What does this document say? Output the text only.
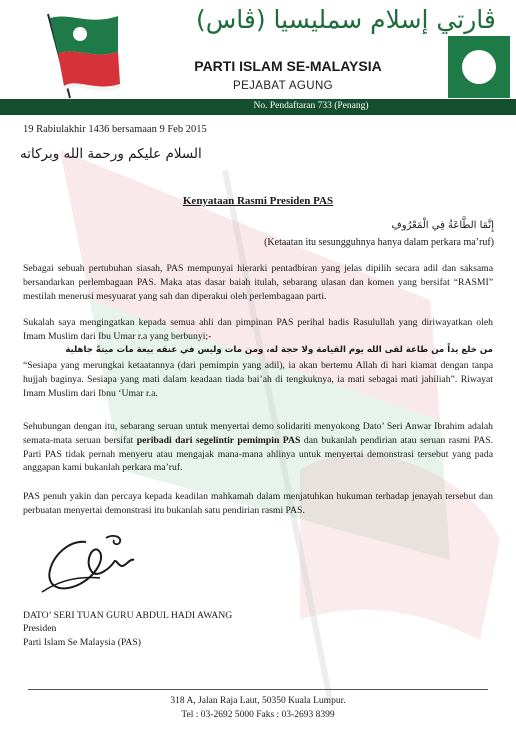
ڤارتي إسلام سمليسيا (ڤاس)
PARTI ISLAM SE-MALAYSIA
PEJABAT AGUNG
No. Pendaftaran 733 (Penang)
19 Rabiulakhir 1436 bersamaan 9 Feb 2015
السلام عليكم ورحمة الله وبركاته
Kenyataan Rasmi Presiden PAS
إِنَّمَا الطَّاعَةُ فِي الْمَعْرُوفِ
(Ketaatan itu sesungguhnya hanya dalam perkara ma’ruf)
Sebagai sebuah pertubuhan siasah, PAS mempunyai hierarki pentadbiran yang jelas dipilih secara adil dan saksama bersandarkan perlembagaan PAS. Maka atas dasar baiah itulah, sebarang ulasan dan komen yang bersifat “RASMI” mestilah menerusi mesyuarat yang sah dan diperakui oleh perlembagaan parti.
Sukalah saya mengingatkan kepada semua ahli dan pimpinan PAS perihal hadis Rasulullah yang diriwayatkan oleh Imam Muslim dari Ibu Umar r.a yang berbunyi;-
من خلع يداً من طاعة لقى الله يوم القيامة ولا حجة له، ومن مات وليس في عنقه بيعة مات ميتةً جاهلية
“Sesiapa yang merungkai ketaatannya (dari pemimpin yang adil), ia akan bertemu Allah di hari kiamat dengan tanpa hujjah baginya. Sesiapa yang mati dalam keadaan tiada bai’ah di tengkuknya, ia mati sebagai mati jahiliah”. Riwayat Imam Muslim dari Ibnu ‘Umar r.a.
Sehubungan dengan itu, sebarang seruan untuk menyertai demo solidariti menyokong Dato’ Seri Anwar Ibrahim adalah semata-mata seruan bersifat peribadi dari segelintir pemimpin PAS dan bukanlah pendirian atau seruan rasmi PAS. Parti PAS tidak pernah menyeru atau mengajak mana-mana ahlinya untuk menyertai demonstrasi tersebut yang pada anggapan kami bukanlah perkara ma’ruf.
PAS penuh yakin dan percaya kepada keadilan mahkamah dalam menjatuhkan hukuman terhadap jenayah tersebut dan perbuatan menyertai demonstrasi itu bukanlah satu pendirian rasmi PAS.
DATO’ SERI TUAN GURU ABDUL HADI AWANG
Presiden
Parti Islam Se Malaysia (PAS)
318 A, Jalan Raja Laut, 50350 Kuala Lumpur.
Tel : 03-2692 5000 Faks : 03-2693 8399
